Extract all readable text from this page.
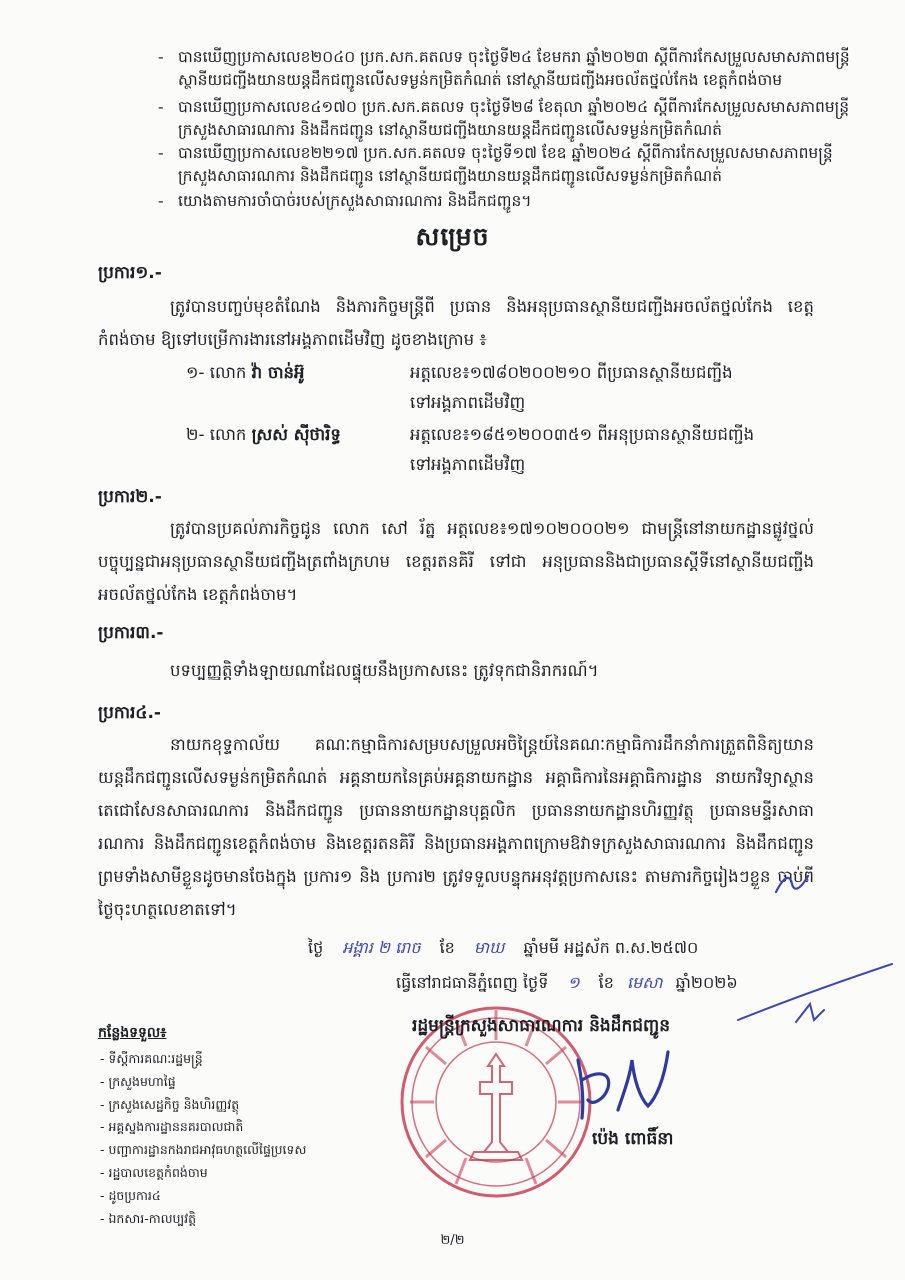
- បានឃើញប្រកាសលេខ២០៤០ ប្រក.សក.គតលទ ចុះថ្ងៃទី២៤ ខែមករា ឆ្នាំ២០២៣ ស្ដីពីការកែសម្រួលសមាសភាពមន្ត្រីស្ថានីយជញ្ជីងយានយន្តដឹកជញ្ជូនលើសទម្ងន់កម្រិតកំណត់ នៅស្ថានីយជញ្ជីងអចល័តថ្នល់កែង ខេត្តកំពង់ចាម
- បានឃើញប្រកាសលេខ៤១៧០ ប្រក.សក.គតលទ ចុះថ្ងៃទី២៨ ខែតុលា ឆ្នាំ២០២៤ ស្ដីពីការកែសម្រួលសមាសភាពមន្ត្រីក្រសួងសាធារណការ និងដឹកជញ្ជូន នៅស្ថានីយជញ្ជីងយានយន្តដឹកជញ្ជូនលើសទម្ងន់កម្រិតកំណត់
- បានឃើញប្រកាសលេខ២២១៧ ប្រក.សក.គតលទ ចុះថ្ងៃទី១៧ ខែឧ ឆ្នាំ២០២៤ ស្ដីពីការកែសម្រួលសមាសភាពមន្ត្រីក្រសួងសាធារណការ និងដឹកជញ្ជូន នៅស្ថានីយជញ្ជីងយានយន្តដឹកជញ្ជូនលើសទម្ងន់កម្រិតកំណត់
- យោងតាមការចាំបាច់របស់ក្រសួងសាធារណការ និងដឹកជញ្ជូន។
សម្រេច
ប្រការ១.-
ត្រូវបានបញ្ចប់មុខតំណែង និងភារកិច្ចមន្ត្រីពី ប្រធាន និងអនុប្រធានស្ថានីយជញ្ជីងអចល័តថ្នល់កែង ខេត្តកំពង់ចាម ឱ្យទៅបម្រើការងារនៅអង្គភាពដើមវិញ ដូចខាងក្រោម ៖
១- លោក វ៉ា ចាន់អ៊ូ	អត្តលេខ៖១៧៨០២០០២១០ ពីប្រធានស្ថានីយជញ្ជីង
ទៅអង្គភាពដើមវិញ
២- លោក ស្រស់ ស៊ីថារិទ្ធ	អត្តលេខ៖១៨៥១២០០៣៥១ ពីអនុប្រធានស្ថានីយជញ្ជីង
ទៅអង្គភាពដើមវិញ
ប្រការ២.-
ត្រូវបានប្រគល់ភារកិច្ចជូន លោក សៅ រ័ត្ន អត្តលេខ៖១៧១០២០០០២១ ជាមន្ត្រីនៅនាយកដ្ឋានផ្លូវថ្នល់ បច្ចុប្បន្នជាអនុប្រធានស្ថានីយជញ្ជីងត្រពាំងក្រហម ខេត្តរតនគិរី ទៅជា អនុប្រធាននិងជាប្រធានស្ដីទីនៅស្ថានីយជញ្ជីងអចល័តថ្នល់កែង ខេត្តកំពង់ចាម។
ប្រការ៣.-
បទប្បញ្ញត្តិទាំងឡាយណាដែលផ្ទុយនឹងប្រកាសនេះ ត្រូវទុកជានិរាករណ៍។
ប្រការ៤.-
នាយកខុទ្ទកាល័យ គណៈកម្មាធិការសម្របសម្រួលអចិន្ត្រៃយ៍នៃគណៈកម្មាធិការដឹកនាំការត្រួតពិនិត្យយានយន្តដឹកជញ្ជូនលើសទម្ងន់កម្រិតកំណត់ អគ្គនាយកនៃគ្រប់អគ្គនាយកដ្ឋាន អគ្គាធិការនៃអគ្គាធិការដ្ឋាន នាយកវិទ្យាស្ថានតេជោសែនសាធារណការ និងដឹកជញ្ជូន ប្រធាននាយកដ្ឋានបុគ្គលិក ប្រធាននាយកដ្ឋានហិរញ្ញវត្ថុ ប្រធានមន្ទីរសាធារណការ និងដឹកជញ្ជូនខេត្តកំពង់ចាម និងខេត្តរតនគិរី និងប្រធានអង្គភាពក្រោមឱវាទក្រសួងសាធារណការ និងដឹកជញ្ជូន ព្រមទាំងសាមីខ្លួនដូចមានចែងក្នុង ប្រការ១ និង ប្រការ២ ត្រូវទទួលបន្ទុកអនុវត្តប្រកាសនេះ តាមភារកិច្ចរៀងៗខ្លួន ចាប់ពីថ្ងៃចុះហត្ថលេខាតទៅ។
ថ្ងៃ អង្គារ ២ រោច ខែ មាឃ ឆ្នាំមមី អដ្ឋស័ក ព.ស.២៥៧០
ធ្វើនៅរាជធានីភ្នំពេញ ថ្ងៃទី ១ ខែ មេសា ឆ្នាំ២០២៦
រដ្ឋមន្ត្រីក្រសួងសាធារណការ និងដឹកជញ្ជូន
ប៉េង ពោធិ៍នា
កន្លែងទទួល៖
- ទីស្ដីការគណៈរដ្ឋមន្ត្រី
- ក្រសួងមហាផ្ទៃ
- ក្រសួងសេដ្ឋកិច្ច និងហិរញ្ញវត្ថុ
- អគ្គស្នងការដ្ឋាននគរបាលជាតិ
- បញ្ជាការដ្ឋានកងរាជអាវុធហត្ថលើផ្ទៃប្រទេស
- រដ្ឋបាលខេត្តកំពង់ចាម
- ដូចប្រការ៤
- ឯកសារ-កាលប្បវត្តិ
២/២
